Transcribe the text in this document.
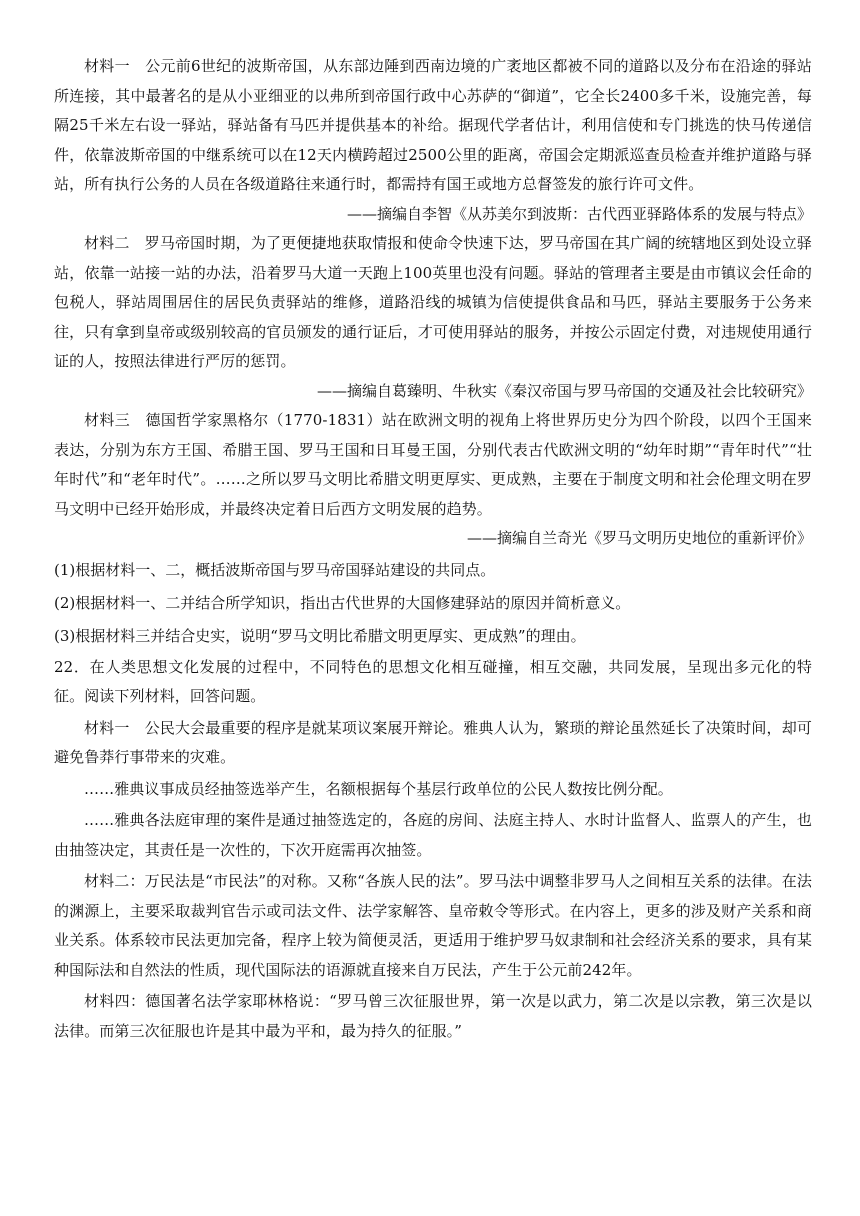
材料一　公元前6世纪的波斯帝国，从东部边陲到西南边境的广袤地区都被不同的道路以及分布在沿途的驿站所连接，其中最著名的是从小亚细亚的以弗所到帝国行政中心苏萨的“御道”，它全长2400多千米，设施完善，每隔25千米左右设一驿站，驿站备有马匹并提供基本的补给。据现代学者估计，利用信使和专门挑选的快马传递信件，依靠波斯帝国的中继系统可以在12天内横跨超过2500公里的距离，帝国会定期派巡查员检查并维护道路与驿站，所有执行公务的人员在各级道路往来通行时，都需持有国王或地方总督签发的旅行许可文件。

——摘编自李智《从苏美尔到波斯：古代西亚驿路体系的发展与特点》

材料二　罗马帝国时期，为了更便捷地获取情报和使命令快速下达，罗马帝国在其广阔的统辖地区到处设立驿站，依靠一站接一站的办法，沿着罗马大道一天跑上100英里也没有问题。驿站的管理者主要是由市镇议会任命的包税人，驿站周围居住的居民负责驿站的维修，道路沿线的城镇为信使提供食品和马匹，驿站主要服务于公务来往，只有拿到皇帝或级别较高的官员颁发的通行证后，才可使用驿站的服务，并按公示固定付费，对违规使用通行证的人，按照法律进行严厉的惩罚。

——摘编自葛臻明、牛秋实《秦汉帝国与罗马帝国的交通及社会比较研究》

材料三　德国哲学家黑格尔（1770-1831）站在欧洲文明的视角上将世界历史分为四个阶段，以四个王国来表达，分别为东方王国、希腊王国、罗马王国和日耳曼王国，分别代表古代欧洲文明的“幼年时期”“青年时代”“壮年时代”和“老年时代”。……之所以罗马文明比希腊文明更厚实、更成熟，主要在于制度文明和社会伦理文明在罗马文明中已经开始形成，并最终决定着日后西方文明发展的趋势。

——摘编自兰奇光《罗马文明历史地位的重新评价》

(1)根据材料一、二，概括波斯帝国与罗马帝国驿站建设的共同点。

(2)根据材料一、二并结合所学知识，指出古代世界的大国修建驿站的原因并简析意义。

(3)根据材料三并结合史实，说明“罗马文明比希腊文明更厚实、更成熟”的理由。

22．在人类思想文化发展的过程中，不同特色的思想文化相互碰撞，相互交融，共同发展，呈现出多元化的特征。阅读下列材料，回答问题。

材料一　公民大会最重要的程序是就某项议案展开辩论。雅典人认为，繁琐的辩论虽然延长了决策时间，却可避免鲁莽行事带来的灾难。

……雅典议事成员经抽签选举产生，名额根据每个基层行政单位的公民人数按比例分配。

……雅典各法庭审理的案件是通过抽签选定的，各庭的房间、法庭主持人、水时计监督人、监票人的产生，也由抽签决定，其责任是一次性的，下次开庭需再次抽签。

材料二：万民法是“市民法”的对称。又称“各族人民的法”。罗马法中调整非罗马人之间相互关系的法律。在法的渊源上，主要采取裁判官告示或司法文件、法学家解答、皇帝敕令等形式。在内容上，更多的涉及财产关系和商业关系。体系较市民法更加完备，程序上较为简便灵活，更适用于维护罗马奴隶制和社会经济关系的要求，具有某种国际法和自然法的性质，现代国际法的语源就直接来自万民法，产生于公元前242年。

材料四：德国著名法学家耶林格说：“罗马曾三次征服世界，第一次是以武力，第二次是以宗教，第三次是以法律。而第三次征服也许是其中最为平和，最为持久的征服。”
